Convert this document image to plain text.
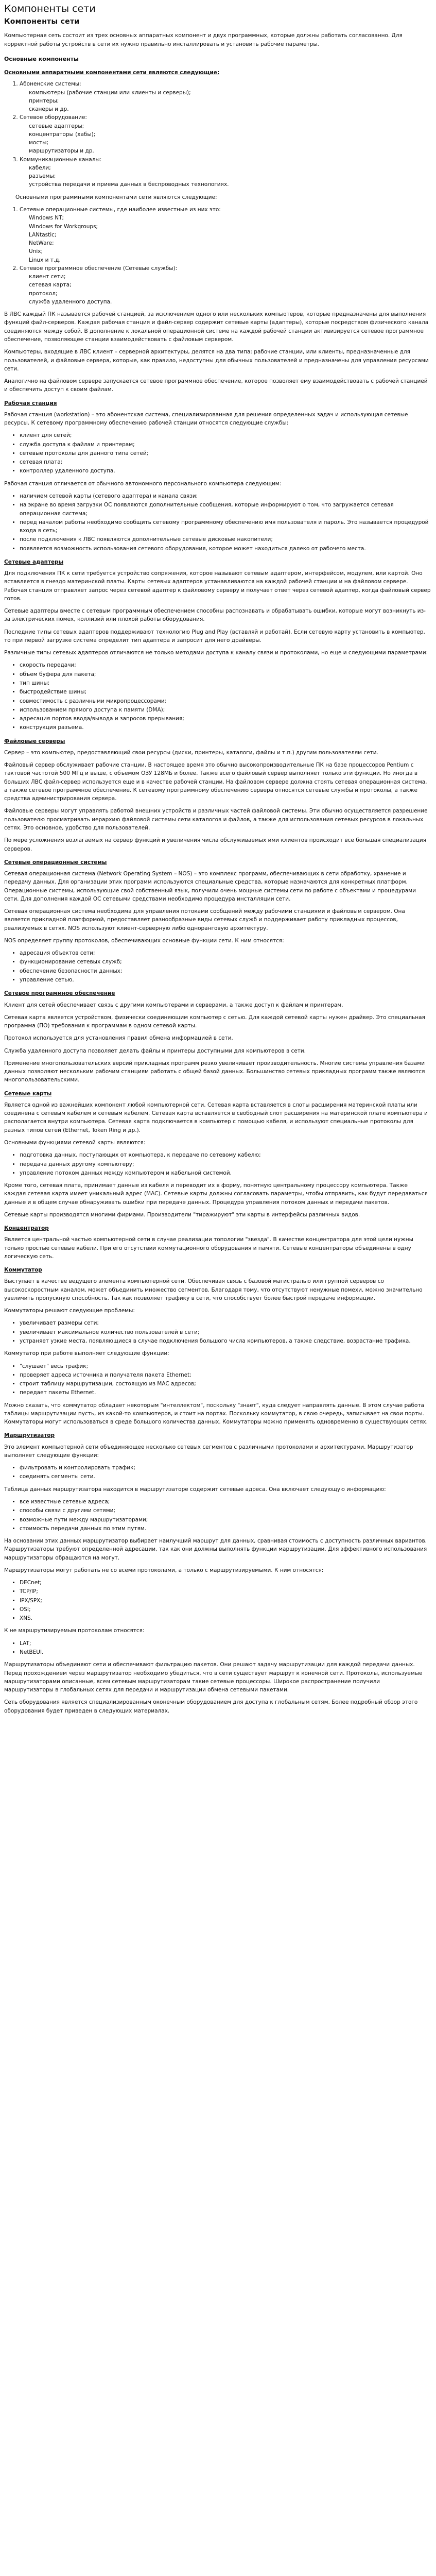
Компоненты сети
Компоненты сети

Компьютерная сеть состоит из трех основных аппаратных компонент и двух программных, которые должны работать согласованно. Для корректной работы устройств в сети их нужно правильно инсталлировать и установить рабочие параметры.

Основные компоненты
Основными аппаратными компонентами сети являются следующие:
1. Абоненские системы:
компьютеры (рабочие станции или клиенты и серверы);
принтеры;
сканеры и др.
2. Сетевое оборудование:
сетевые адаптеры;
концентраторы (хабы);
мосты;
маршрутизаторы и др.
3. Коммуникационные каналы:
кабели;
разъемы;
устройства передачи и приема данных в беспроводных технологиях.

Основными программными компонентами сети являются следующие:

1. Сетевые операционные системы, где наиболее известные из них это:
Windows NT;
Windows for Workgroups;
LANtastic;
NetWare;
Unix;
Linux и т.д.
2. Сетевое программное обеспечение (Сетевые службы):
клиент сети;
сетевая карта;
протокол;
служба удаленного доступа.

В ЛВС каждый ПК называется рабочей станцией, за исключением одного или нескольких компьютеров, которые предназначены для выполнения функций файл-серверов. Каждая рабочая станция и файл-сервер содержит сетевые карты (адаптеры), которые посредством физического канала соединяются между собой. В дополнение к локальной операционной системе на каждой рабочей станции активизируется сетевое программное обеспечение, позволяющее станции взаимодействовать с файловым сервером.

Компьютеры, входящие в ЛВС клиент – серверной архитектуры, делятся на два типа: рабочие станции, или клиенты, предназначенные для пользователей, и файловые сервера, которые, как правило, недоступны для обычных пользователей и предназначены для управления ресурсами сети.

Аналогично на файловом сервере запускается сетевое программное обеспечение, которое позволяет ему взаимодействовать с рабочей станцией и обеспечить доступ к своим файлам.

Рабочая станция

Рабочая станция (workstation) – это абонентская система, специализированная для решения определенных задач и использующая сетевые ресурсы. К сетевому программному обеспечению рабочей станции относятся следующие службы:

• клиент для сетей;
• служба доступа к файлам и принтерам;
• сетевые протоколы для данного типа сетей;
• сетевая плата;
• контроллер удаленного доступа.

Рабочая станция отличается от обычного автономного персонального компьютера следующим:

• наличием сетевой карты (сетевого адаптера) и канала связи;
• на экране во время загрузки ОС появляются дополнительные сообщения, которые информируют о том, что загружается сетевая операционная система;
• перед началом работы необходимо сообщить сетевому программному обеспечению имя пользователя и пароль. Это называется процедурой входа в сеть;
• после подключения к ЛВС появляются дополнительные сетевые дисковые накопители;
• появляется возможность использования сетевого оборудования, которое может находиться далеко от рабочего места.
Сетевые адаптеры

Для подключения ПК к сети требуется устройство сопряжения, которое называют сетевым адаптером, интерфейсом, модулем, или картой. Оно вставляется в гнездо материнской платы. Карты сетевых адаптеров устанавливаются на каждой рабочей станции и на файловом сервере. Рабочая станция отправляет запрос через сетевой адаптер к файловому серверу и получает ответ через сетевой адаптер, когда файловый сервер готов.

Сетевые адаптеры вместе с сетевым программным обеспечением способны распознавать и обрабатывать ошибки, которые могут возникнуть из-за электрических помех, коллизий или плохой работы оборудования.

Последние типы сетевых адаптеров поддерживают технологию Plug and Play (вставляй и работай). Если сетевую карту установить в компьютер, то при первой загрузке система определит тип адаптера и запросит для него драйверы.

Различные типы сетевых адаптеров отличаются не только методами доступа к каналу связи и протоколами, но еще и следующими параметрами:

• скорость передачи;
• объем буфера для пакета;
• тип шины;
• быстродействие шины;
• совместимость с различными микропроцессорами;
• использованием прямого доступа к памяти (DMA);
• адресация портов ввода/вывода и запросов прерывания;
• конструкция разъема.
Файловые серверы

Сервер – это компьютер, предоставляющий свои ресурсы (диски, принтеры, каталоги, файлы и т.п.) другим пользователям сети.

Файловый сервер обслуживает рабочие станции. В настоящее время это обычно высокопроизводительные ПК на базе процессоров Pentium с тактовой частотой 500 МГц и выше, с объемом ОЗУ 128МБ и более. Также всего файловый сервер выполняет только эти функции. Но иногда в больших ЛВС файл-сервер используется еще и в качестве рабочей станции. На файловом сервере должна стоять сетевая операционная система, а также сетевое программное обеспечение. К сетевому программному обеспечению сервера относятся сетевые службы и протоколы, а также средства администрирования сервера.

Файловые серверы могут управлять работой внешних устройств и различных частей файловой системы. Эти обычно осуществляется разрешение пользователю просматривать иерархию файловой системы сети каталогов и файлов, а также для использования сетевых ресурсов в локальных сетях. Это основное, удобство для пользователей.

По мере усложнения возлагаемых на сервер функций и увеличения числа обслуживаемых ими клиентов происходит все большая специализация серверов.

Сетевые операционные системы

Сетевая операционная система (Network Operating System – NOS) – это комплекс программ, обеспечивающих в сети обработку, хранение и передачу данных. Для организации этих программ используются специальные средства, которые назначаются для конкретных платформ. Операционные системы, использующие свой собственный язык, получили очень мощные системы сети по работе с объектами и процедурами сети. Для дополнения каждой ОС сетевыми средствами необходимо процедура инсталляции сети.

Сетевая операционная система необходима для управления потоками сообщений между рабочими станциями и файловым сервером. Она является прикладной платформой, предоставляет разнообразные виды сетевых служб и поддерживает работу прикладных процессов, реализуемых в сетях. NOS используют клиент-серверную либо одноранговую архитектуру.

NOS определяет группу протоколов, обеспечивающих основные функции сети. К ним относятся:

• адресация объектов сети;
• функционирование сетевых служб;
• обеспечение безопасности данных;
• управление сетью.
Сетевое программное обеспечение

Клиент для сетей обеспечивает связь с другими компьютерами и серверами, а также доступ к файлам и принтерам.

Сетевая карта является устройством, физически соединяющим компьютер с сетью. Для каждой сетевой карты нужен драйвер. Это специальная программа (ПО) требования к программам в одном сетевой карты.

Протокол используется для установления правил обмена информацией в сети.

Служба удаленного доступа позволяет делать файлы и принтеры доступными для компьютеров в сети.

Применение многопользовательских версий прикладных программ резко увеличивает производительность. Многие системы управления базами данных позволяют нескольким рабочим станциям работать с общей базой данных. Большинство сетевых прикладных программ также являются многопользовательскими.

Сетевые карты

Является одной из важнейших компонент любой компьютерной сети. Сетевая карта вставляется в слоты расширения материнской платы или соединена с сетевым кабелем и сетевым кабелем. Сетевая карта вставляется в свободный слот расширения на материнской плате компьютера и располагается внутри компьютера. Сетевая карта подключается в компьютер с помощью кабеля, и используют специальные протоколы для разных типов сетей (Ethernet, Token Ring и др.).

Основными функциями сетевой карты являются:

• подготовка данных, поступающих от компьютера, к передаче по сетевому кабелю;
• передача данных другому компьютеру;
• управление потоком данных между компьютером и кабельной системой.

Кроме того, сетевая плата, принимает данные из кабеля и переводит их в форму, понятную центральному процессору компьютера. Также каждая сетевая карта имеет уникальный адрес (MAC). Сетевые карты должны согласовать параметры, чтобы отправить, как будут передаваться данные и в общем случае обнаруживать ошибки при передаче данных. Процедура управления потоком данных и передачи пакетов.

Сетевые карты производятся многими фирмами. Производители "тиражируют" эти карты в интерфейсы различных видов.

Концентратор

Является центральной частью компьютерной сети в случае реализации топологии "звезда". В качестве концентратора для этой цели нужны только простые сетевые кабели. При его отсутствии коммутационного оборудования и памяти. Сетевые концентраторы объединены в одну логическую сеть.

Коммутатор

Выступает в качестве ведущего элемента компьютерной сети. Обеспечивая связь с базовой магистралью или группой серверов со высокоскоростным каналом, может объединить множество сегментов. Благодаря тому, что отсутствуют ненужные помехи, можно значительно увеличить пропускную способность. Так как позволяет трафику в сети, что способствует более быстрой передаче информации.

Коммутаторы решают следующие проблемы:

• увеличивает размеры сети;
• увеличивает максимальное количество пользователей в сети;
• устраняет узкие места, появляющиеся в случае подключения большого числа компьютеров, а также следствие, возрастание трафика.

Коммутатор при работе выполняет следующие функции:

• "слушает" весь трафик;
• проверяет адреса источника и получателя пакета Ethernet;
• строит таблицу маршрутизации, состоящую из MAC адресов;
• передает пакеты Ethernet.

Можно сказать, что коммутатор обладает некоторым "интеллектом", поскольку "знает", куда следует направлять данные. В этом случае работа таблицы маршрутизации пусть, из какой-то компьютеров, и стоит на портах. Поскольку коммутатор, в свою очередь, записывает на свои порты. Коммутаторы могут использоваться в среде большого количества данных. Коммутаторы можно применять одновременно в существующих сетях.

Маршрутизатор

Это элемент компьютерной сети объединяющее несколько сетевых сегментов с различными протоколами и архитектурами. Маршрутизатор выполняет следующие функции:

• фильтровать и контролировать трафик;
• соединять сегменты сети.

Таблица данных маршрутизатора находится в маршрутизаторе содержит сетевые адреса. Она включает следующую информацию:

• все известные сетевые адреса;
• способы связи с другими сетями;
• возможные пути между маршрутизаторами;
• стоимость передачи данных по этим путям.

На основании этих данных маршрутизатор выбирает наилучший маршрут для данных, сравнивая стоимость с доступность различных вариантов. Маршрутизаторы требуют определенной адресации, так как они должны выполнять функции маршрутизации. Для эффективного использования маршрутизаторы обращаются на могут.

Маршрутизаторы могут работать не со всеми протоколами, а только с маршрутизируемыми. К ним относятся:

• DECnet;
• TCP/IP;
• IPX/SPX;
• OSI;
• XNS.

К не маршрутизируемым протоколам относятся:

• LAT;
• NetBEUI.

Маршрутизаторы объединяют сети и обеспечивают фильтрацию пакетов. Они решают задачу маршрутизации для каждой передачи данных. Перед прохождением через маршрутизатор необходимо убедиться, что в сети существует маршрут к конечной сети. Протоколы, используемые маршрутизаторами описанные, всем сетевым маршрутизаторам такие сетевые процессоры. Широкое распространение получили маршрутизаторы в глобальных сетях для передачи и маршрутизации обмена сетевыми пакетами.

Сеть оборудования является специализированным оконечным оборудованием для доступа к глобальным сетям. Более подробный обзор этого оборудования будет приведен в следующих материалах.
